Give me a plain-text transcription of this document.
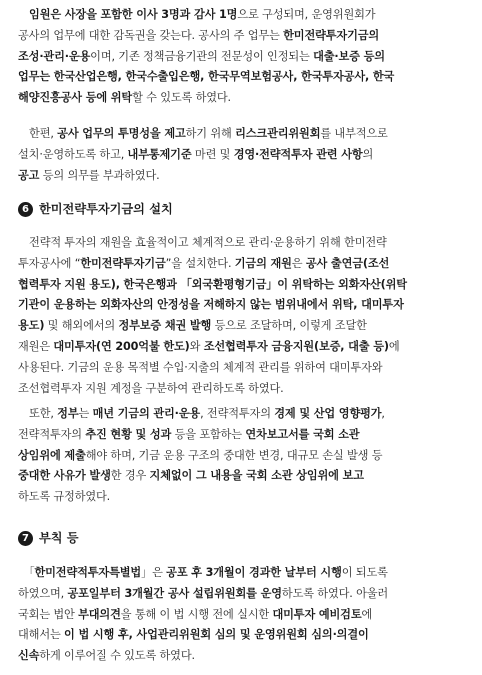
　임원은 사장을 포함한 이사 3명과 감사 1명으로 구성되며, 운영위원회가
공사의 업무에 대한 감독권을 갖는다. 공사의 주 업무는 한미전략투자기금의
조성·관리·운용이며, 기존 정책금융기관의 전문성이 인정되는 대출·보증 등의
업무는 한국산업은행, 한국수출입은행, 한국무역보험공사, 한국투자공사, 한국
해양진흥공사 등에 위탁할 수 있도록 하였다.
　한편, 공사 업무의 투명성을 제고하기 위해 리스크관리위원회를 내부적으로
설치·운영하도록 하고, 내부통제기준 마련 및 경영·전략적투자 관련 사항의
공고 등의 의무를 부과하였다.
6 한미전략투자기금의 설치
　전략적 투자의 재원을 효율적이고 체계적으로 관리·운용하기 위해 한미전략
투자공사에 “한미전략투자기금”을 설치한다. 기금의 재원은 공사 출연금(조선
협력투자 지원 용도), 한국은행과 「외국환평형기금」이 위탁하는 외화자산(위탁
기관이 운용하는 외화자산의 안정성을 저해하지 않는 범위내에서 위탁, 대미투자
용도) 및 해외에서의 정부보증 채권 발행 등으로 조달하며, 이렇게 조달한
재원은 대미투자(연 200억불 한도)와 조선협력투자 금융지원(보증, 대출 등)에
사용된다. 기금의 운용 목적별 수입·지출의 체계적 관리를 위하여 대미투자와
조선협력투자 지원 계정을 구분하여 관리하도록 하였다.
　또한, 정부는 매년 기금의 관리·운용, 전략적투자의 경제 및 산업 영향평가,
전략적투자의 추진 현황 및 성과 등을 포함하는 연차보고서를 국회 소관
상임위에 제출해야 하며, 기금 운용 구조의 중대한 변경, 대규모 손실 발생 등
중대한 사유가 발생한 경우 지체없이 그 내용을 국회 소관 상임위에 보고
하도록 규정하였다.
7 부칙 등
　「한미전략적투자특별법」은 공포 후 3개월이 경과한 날부터 시행이 되도록
하였으며, 공포일부터 3개월간 공사 설립위원회를 운영하도록 하였다. 아울러
국회는 법안 부대의견을 통해 이 법 시행 전에 실시한 대미투자 예비검토에
대해서는 이 법 시행 후, 사업관리위원회 심의 및 운영위원회 심의·의결이
신속하게 이루어질 수 있도록 하였다.
